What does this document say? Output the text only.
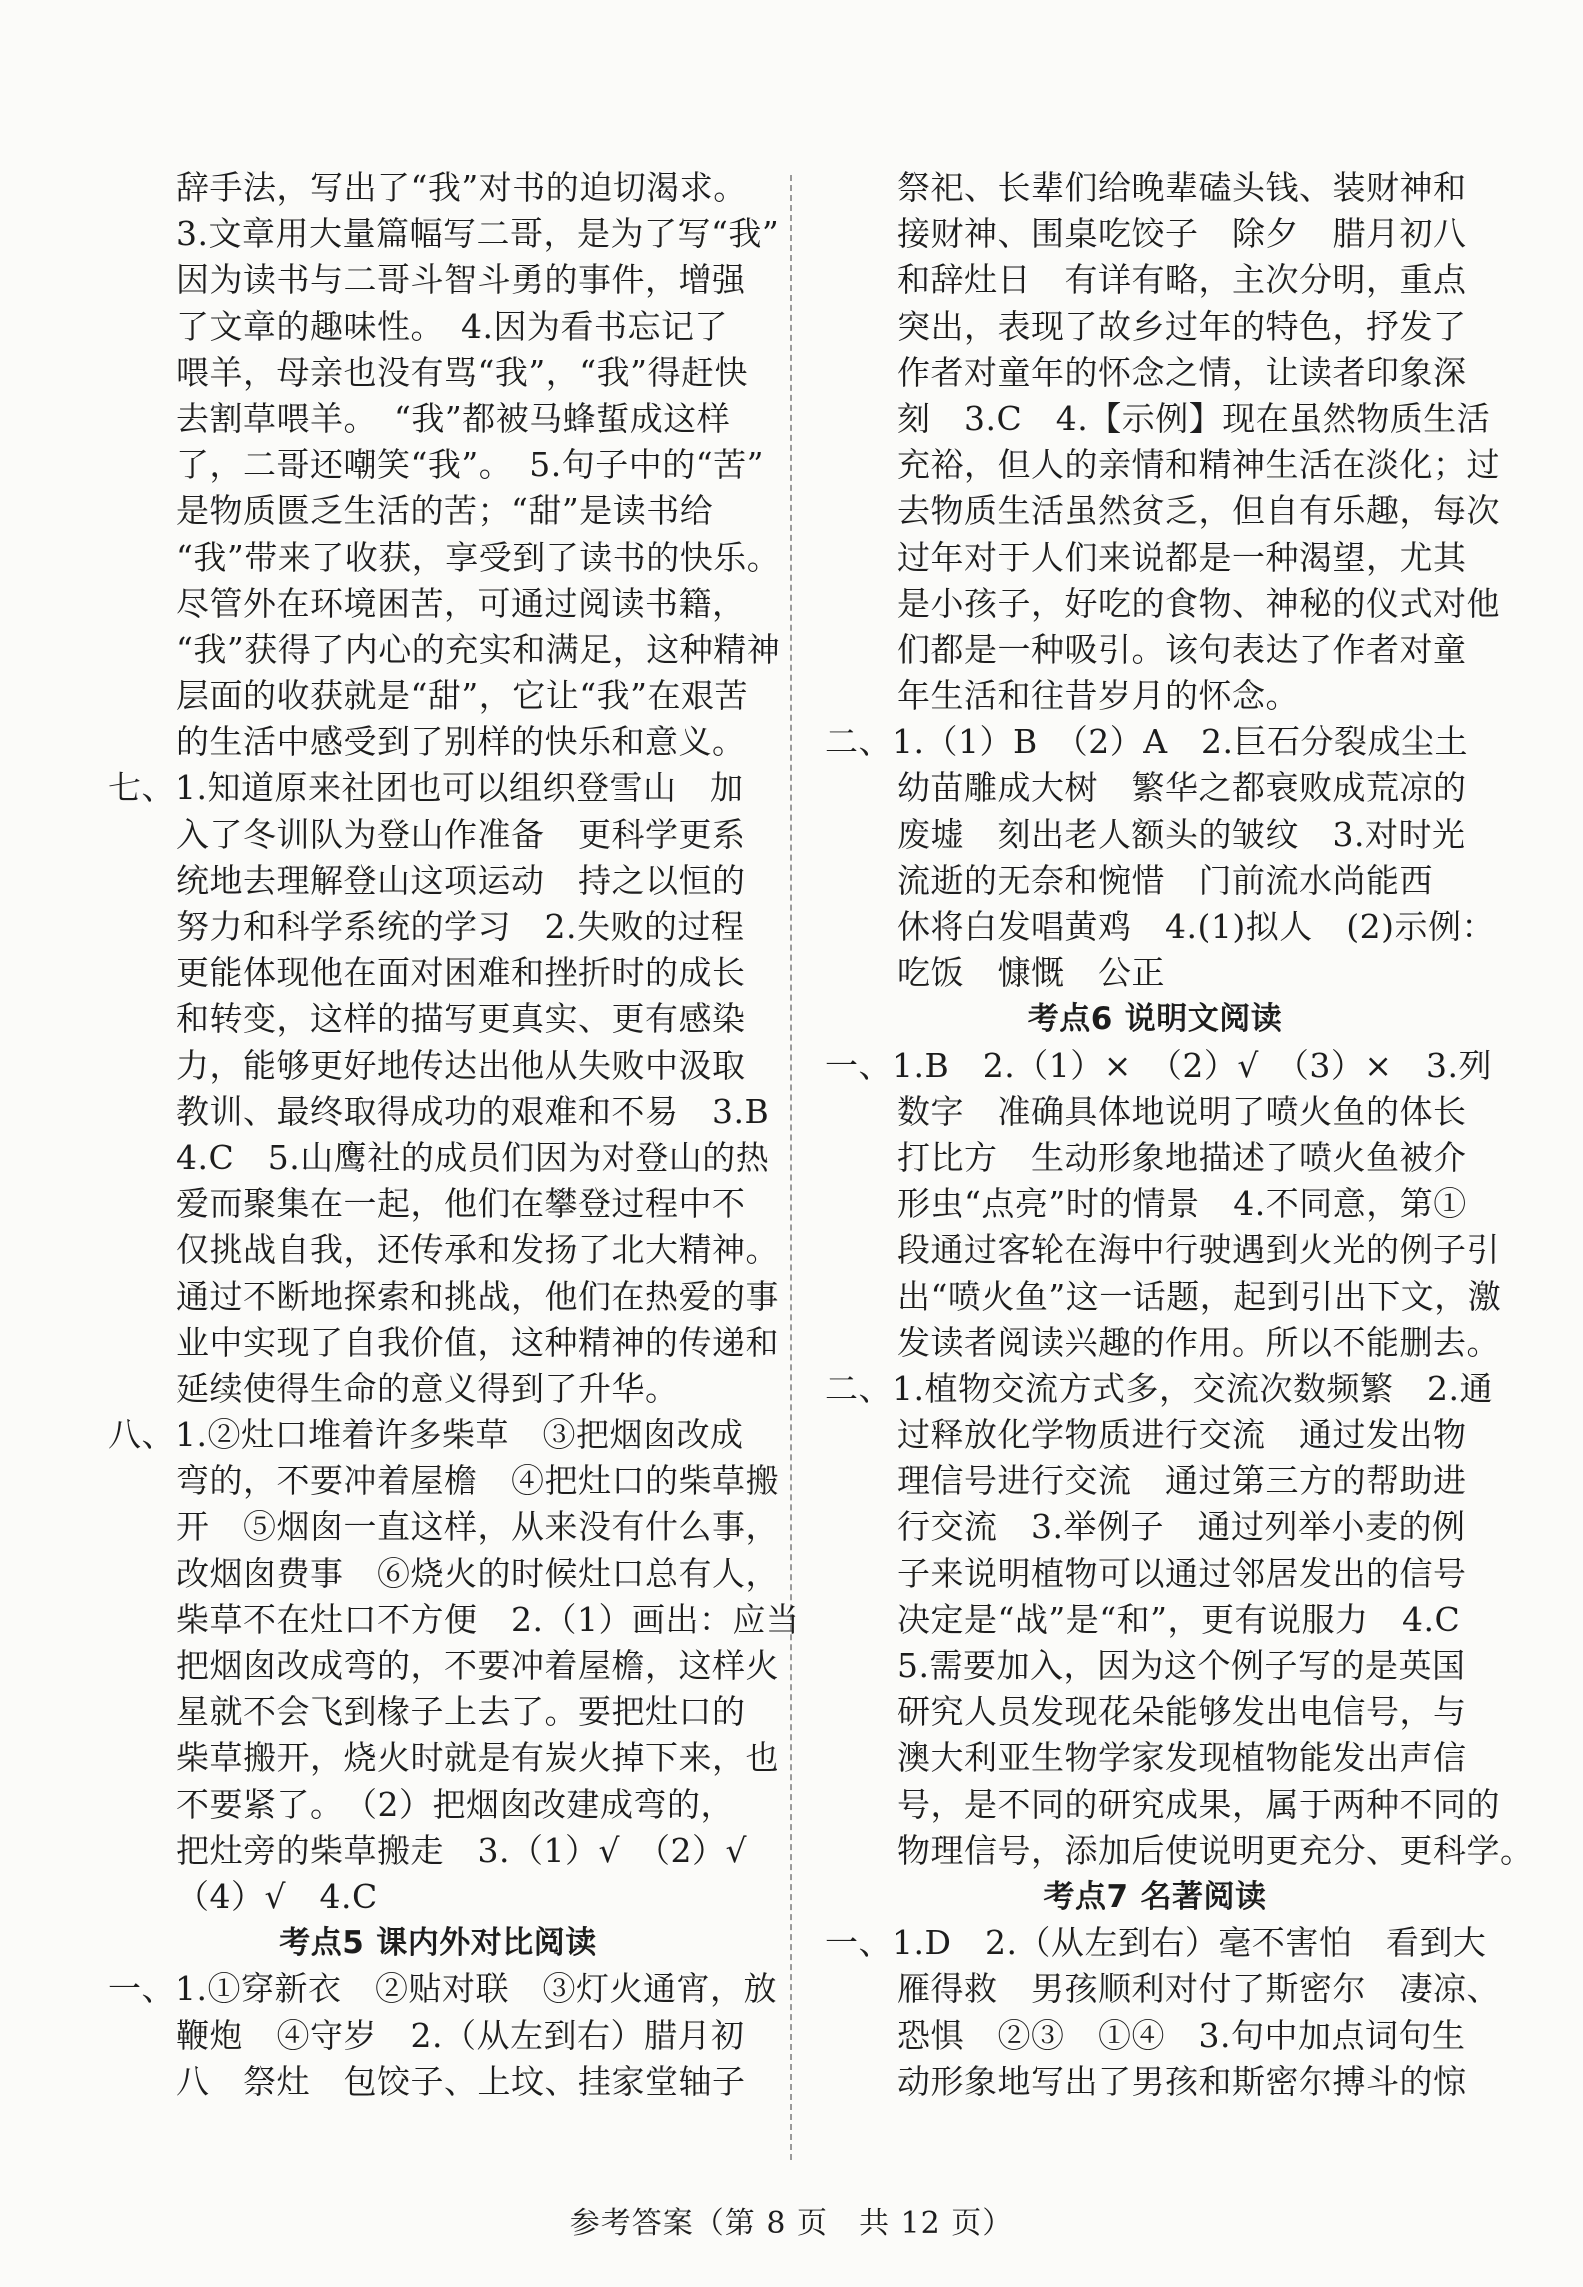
辞手法，写出了“我”对书的迫切渴求。
3.文章用大量篇幅写二哥，是为了写“我”
因为读书与二哥斗智斗勇的事件，增强
了文章的趣味性。　4.因为看书忘记了
喂羊，母亲也没有骂“我”，“我”得赶快
去割草喂羊。　“我”都被马蜂蜇成这样
了，二哥还嘲笑“我”。　5.句子中的“苦”
是物质匮乏生活的苦；“甜”是读书给
“我”带来了收获，享受到了读书的快乐。
尽管外在环境困苦，可通过阅读书籍，
“我”获得了内心的充实和满足，这种精神
层面的收获就是“甜”，它让“我”在艰苦
的生活中感受到了别样的快乐和意义。
七、1.知道原来社团也可以组织登雪山　加
入了冬训队为登山作准备　更科学更系
统地去理解登山这项运动　持之以恒的
努力和科学系统的学习　2.失败的过程
更能体现他在面对困难和挫折时的成长
和转变，这样的描写更真实、更有感染
力，能够更好地传达出他从失败中汲取
教训、最终取得成功的艰难和不易　3.B
4.C　5.山鹰社的成员们因为对登山的热
爱而聚集在一起，他们在攀登过程中不
仅挑战自我，还传承和发扬了北大精神。
通过不断地探索和挑战，他们在热爱的事
业中实现了自我价值，这种精神的传递和
延续使得生命的意义得到了升华。
八、1.②灶口堆着许多柴草　③把烟囱改成
弯的，不要冲着屋檐　④把灶口的柴草搬
开　⑤烟囱一直这样，从来没有什么事，
改烟囱费事　⑥烧火的时候灶口总有人，
柴草不在灶口不方便　2.（1）画出：应当
把烟囱改成弯的，不要冲着屋檐，这样火
星就不会飞到椽子上去了。要把灶口的
柴草搬开，烧火时就是有炭火掉下来，也
不要紧了。　（2）把烟囱改建成弯的，
把灶旁的柴草搬走　3.（1）√　（2）√
（4）√　4.C
考点5 课内外对比阅读
一、1.①穿新衣　②贴对联　③灯火通宵，放
鞭炮　④守岁　2.（从左到右）腊月初
八　祭灶　包饺子、上坟、挂家堂轴子
祭祀、长辈们给晚辈磕头钱、装财神和
接财神、围桌吃饺子　除夕　腊月初八
和辞灶日　有详有略，主次分明，重点
突出，表现了故乡过年的特色，抒发了
作者对童年的怀念之情，让读者印象深
刻　3.C　4.【示例】现在虽然物质生活
充裕，但人的亲情和精神生活在淡化；过
去物质生活虽然贫乏，但自有乐趣，每次
过年对于人们来说都是一种渴望，尤其
是小孩子，好吃的食物、神秘的仪式对他
们都是一种吸引。该句表达了作者对童
年生活和往昔岁月的怀念。
二、1.（1）B　（2）A　2.巨石分裂成尘土
幼苗雕成大树　繁华之都衰败成荒凉的
废墟　刻出老人额头的皱纹　3.对时光
流逝的无奈和惋惜　门前流水尚能西
休将白发唱黄鸡　4.(1)拟人　(2)示例：
吃饭　慷慨　公正
考点6 说明文阅读
一、1.B　2.（1）×　（2）√　（3）×　3.列
数字　准确具体地说明了喷火鱼的体长
打比方　生动形象地描述了喷火鱼被介
形虫“点亮”时的情景　4.不同意，第①
段通过客轮在海中行驶遇到火光的例子引
出“喷火鱼”这一话题，起到引出下文，激
发读者阅读兴趣的作用。所以不能删去。
二、1.植物交流方式多，交流次数频繁　2.通
过释放化学物质进行交流　通过发出物
理信号进行交流　通过第三方的帮助进
行交流　3.举例子　通过列举小麦的例
子来说明植物可以通过邻居发出的信号
决定是“战”是“和”，更有说服力　4.C
5.需要加入，因为这个例子写的是英国
研究人员发现花朵能够发出电信号，与
澳大利亚生物学家发现植物能发出声信
号，是不同的研究成果，属于两种不同的
物理信号，添加后使说明更充分、更科学。
考点7 名著阅读
一、1.D　2.（从左到右）毫不害怕　看到大
雁得救　男孩顺利对付了斯密尔　凄凉、
恐惧　②③　①④　3.句中加点词句生
动形象地写出了男孩和斯密尔搏斗的惊
参考答案（第 8 页　共 12 页）
